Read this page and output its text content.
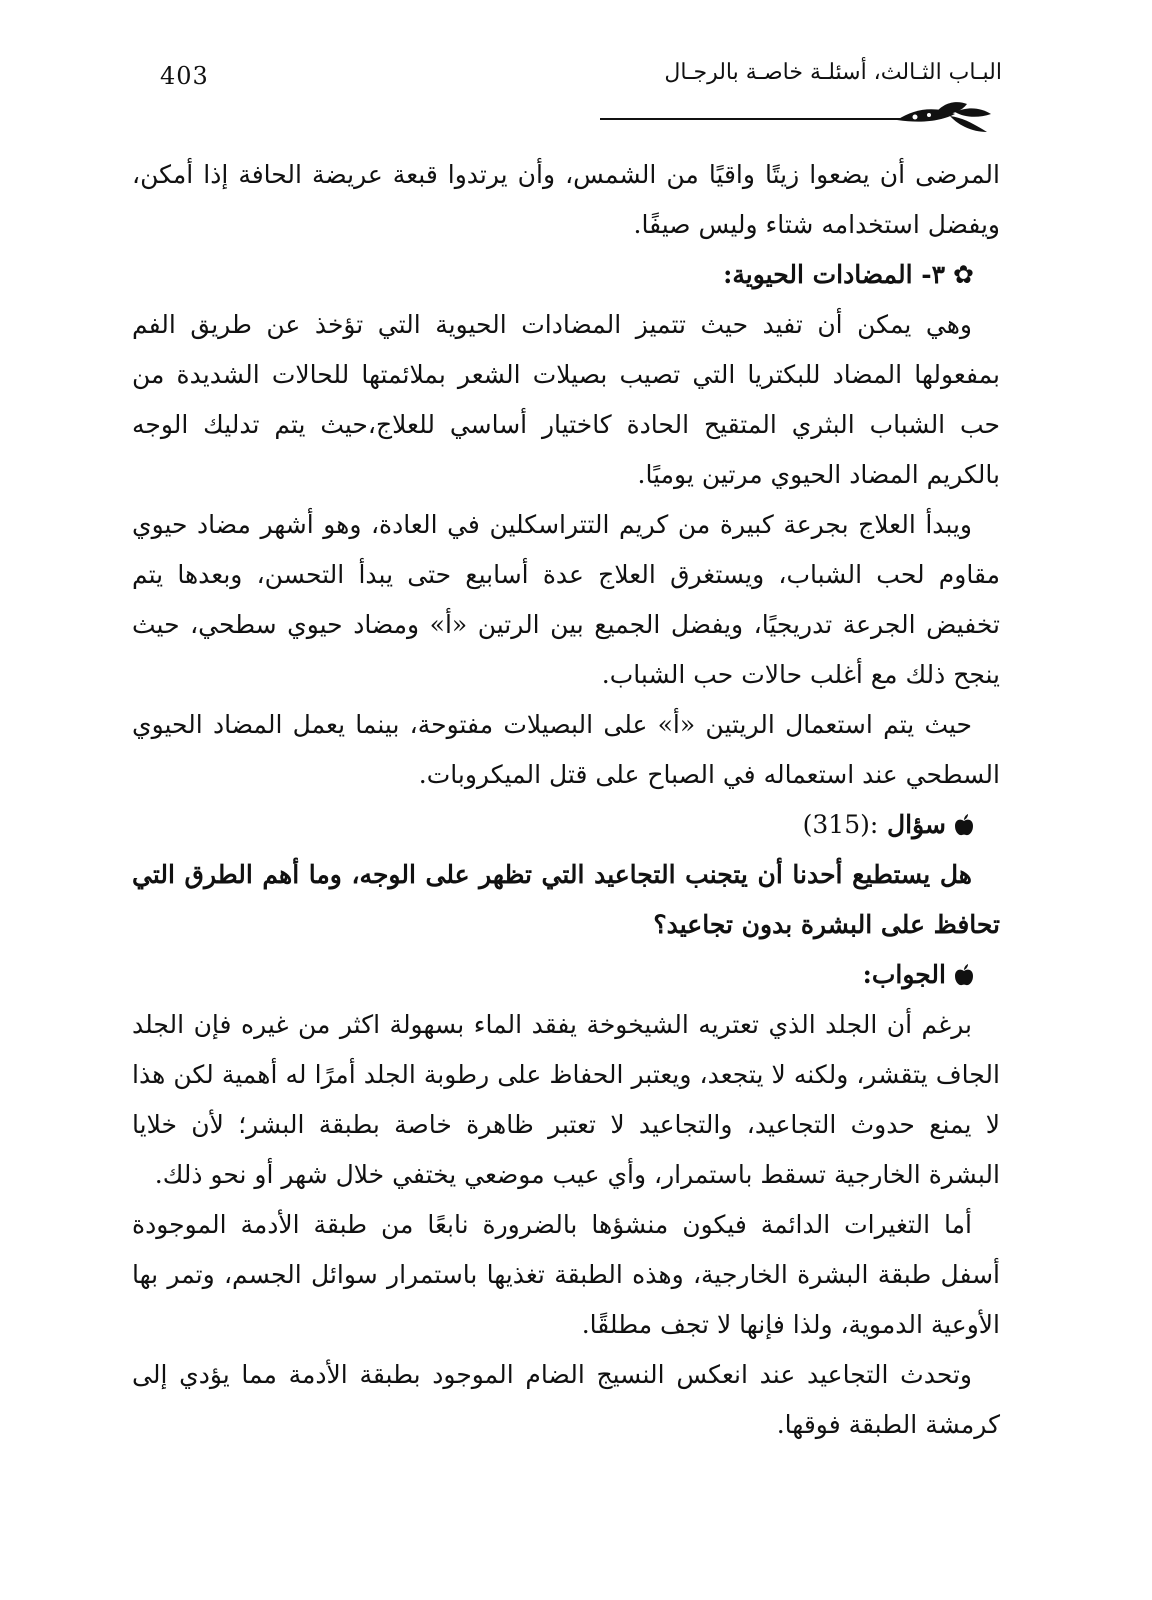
403	البـاب الثـالث، أسئلـة خاصـة بالرجـال

المرضى أن يضعوا زيتًا واقيًا من الشمس، وأن يرتدوا قبعة عريضة الحافة إذا أمكن، ويفضل استخدامه شتاء وليس صيفًا.

✿٣- المضادات الحيوية:

وهي يمكن أن تفيد حيث تتميز المضادات الحيوية التي تؤخذ عن طريق الفم بمفعولها المضاد للبكتريا التي تصيب بصيلات الشعر بملائمتها للحالات الشديدة من حب الشباب البثري المتقيح الحادة كاختيار أساسي للعلاج،حيث يتم تدليك الوجه بالكريم المضاد الحيوي مرتين يوميًا.

ويبدأ العلاج بجرعة كبيرة من كريم التتراسكلين في العادة، وهو أشهر مضاد حيوي مقاوم لحب الشباب، ويستغرق العلاج عدة أسابيع حتى يبدأ التحسن، وبعدها يتم تخفيض الجرعة تدريجيًا، ويفضل الجميع بين الرتين «أ» ومضاد حيوي سطحي، حيث ينجح ذلك مع أغلب حالات حب الشباب.

حيث يتم استعمال الريتين «أ» على البصيلات مفتوحة، بينما يعمل المضاد الحيوي السطحي عند استعماله في الصباح على قتل الميكروبات.

سؤال (315):

هل يستطيع أحدنا أن يتجنب التجاعيد التي تظهر على الوجه، وما أهم الطرق التي تحافظ على البشرة بدون تجاعيد؟

الجواب:

برغم أن الجلد الذي تعتريه الشيخوخة يفقد الماء بسهولة اكثر من غيره فإن الجلد الجاف يتقشر، ولكنه لا يتجعد، ويعتبر الحفاظ على رطوبة الجلد أمرًا له أهمية لكن هذا لا يمنع حدوث التجاعيد، والتجاعيد لا تعتبر ظاهرة خاصة بطبقة البشر؛ لأن خلايا البشرة الخارجية تسقط باستمرار، وأي عيب موضعي يختفي خلال شهر أو نحو ذلك.

أما التغيرات الدائمة فيكون منشؤها بالضرورة نابعًا من طبقة الأدمة الموجودة أسفل طبقة البشرة الخارجية، وهذه الطبقة تغذيها باستمرار سوائل الجسم، وتمر بها الأوعية الدموية، ولذا فإنها لا تجف مطلقًا.

وتحدث التجاعيد عند انعكس النسيج الضام الموجود بطبقة الأدمة مما يؤدي إلى كرمشة الطبقة فوقها.
